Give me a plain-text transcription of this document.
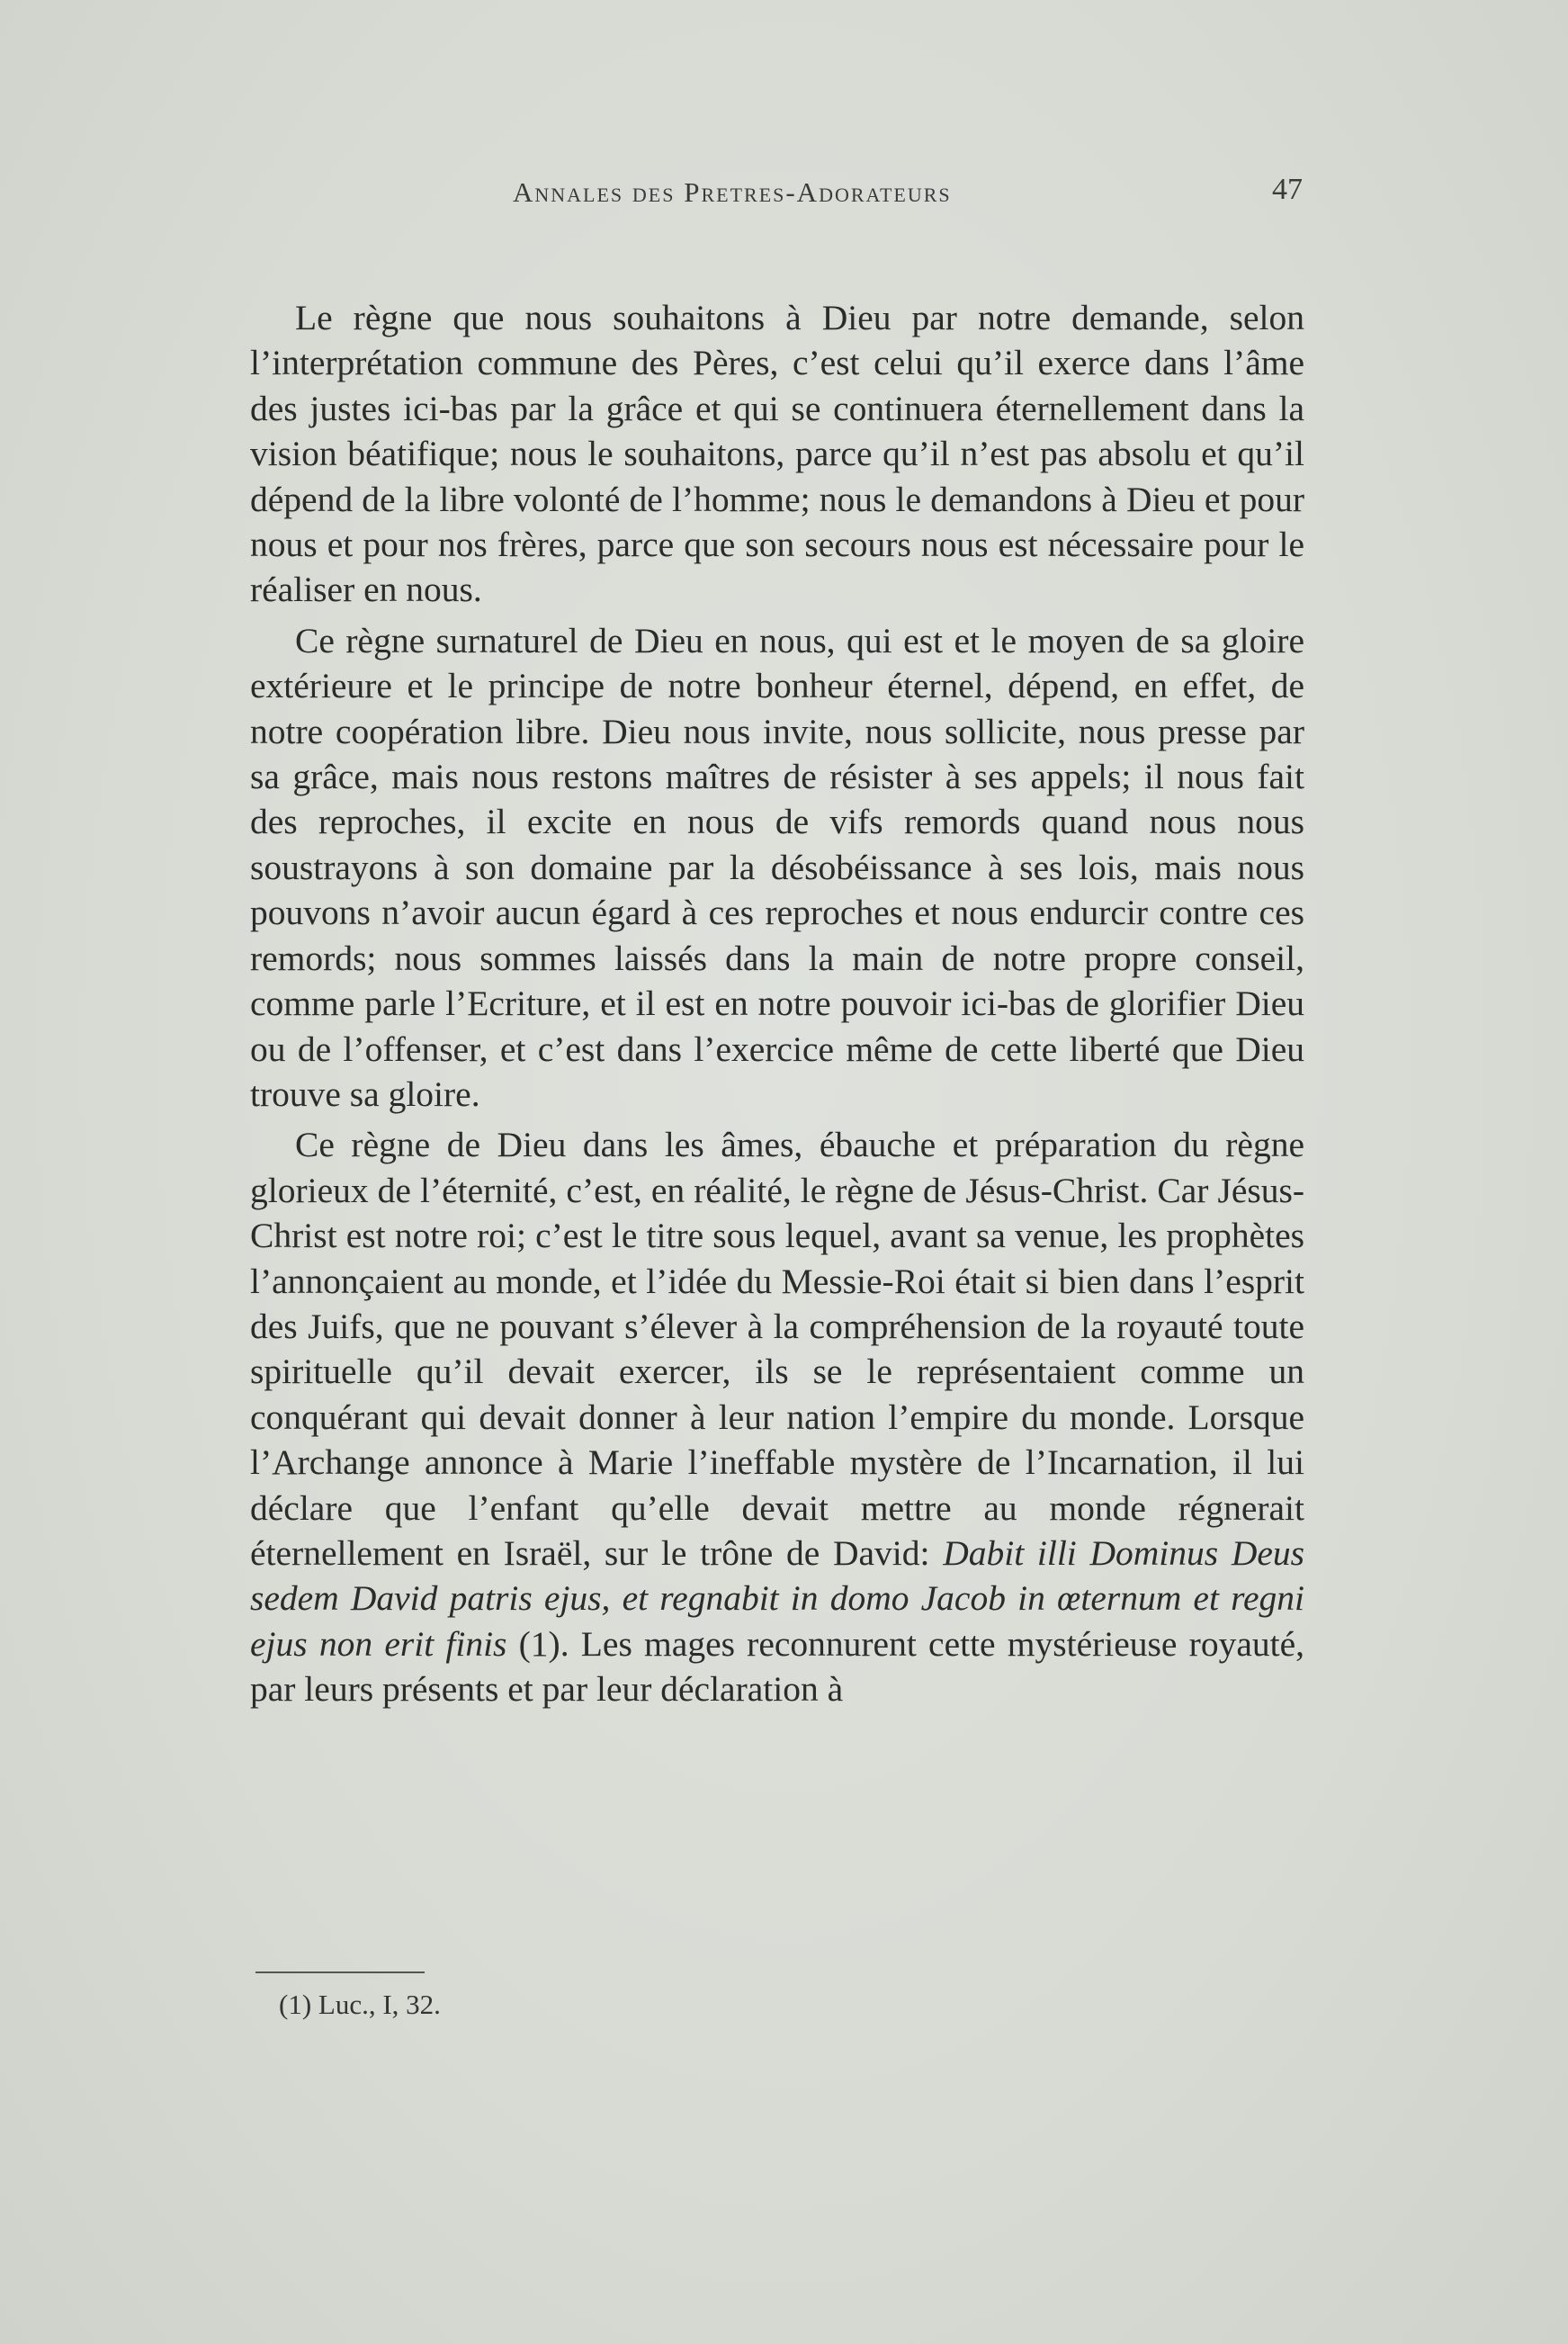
Annales des Pretres-Adorateurs	47

Le règne que nous souhaitons à Dieu par notre demande, selon l’interprétation commune des Pères, c’est celui qu’il exerce dans l’âme des justes ici-bas par la grâce et qui se continuera éternellement dans la vision béatifique; nous le souhaitons, parce qu’il n’est pas absolu et qu’il dépend de la libre volonté de l’homme; nous le demandons à Dieu et pour nous et pour nos frères, parce que son secours nous est nécessaire pour le réaliser en nous.

Ce règne surnaturel de Dieu en nous, qui est et le moyen de sa gloire extérieure et le principe de notre bonheur éternel, dépend, en effet, de notre coopération libre. Dieu nous invite, nous sollicite, nous presse par sa grâce, mais nous restons maîtres de résister à ses appels; il nous fait des reproches, il excite en nous de vifs remords quand nous nous soustrayons à son domaine par la désobéissance à ses lois, mais nous pouvons n’avoir aucun égard à ces reproches et nous endurcir contre ces remords; nous sommes laissés dans la main de notre propre conseil, comme parle l’Ecriture, et il est en notre pouvoir ici-bas de glorifier Dieu ou de l’offenser, et c’est dans l’exercice même de cette liberté que Dieu trouve sa gloire.

Ce règne de Dieu dans les âmes, ébauche et préparation du règne glorieux de l’éternité, c’est, en réalité, le règne de Jésus-Christ. Car Jésus-Christ est notre roi; c’est le titre sous lequel, avant sa venue, les prophètes l’annonçaient au monde, et l’idée du Messie-Roi était si bien dans l’esprit des Juifs, que ne pouvant s’élever à la compréhension de la royauté toute spirituelle qu’il devait exercer, ils se le représentaient comme un conquérant qui devait donner à leur nation l’empire du monde. Lorsque l’Archange annonce à Marie l’ineffable mystère de l’Incarnation, il lui déclare que l’enfant qu’elle devait mettre au monde régnerait éternellement en Israël, sur le trône de David: Dabit illi Dominus Deus sedem David patris ejus, et regnabit in domo Jacob in œternum et regni ejus non erit finis (1). Les mages reconnurent cette mystérieuse royauté, par leurs présents et par leur déclaration à

(1) Luc., I, 32.
